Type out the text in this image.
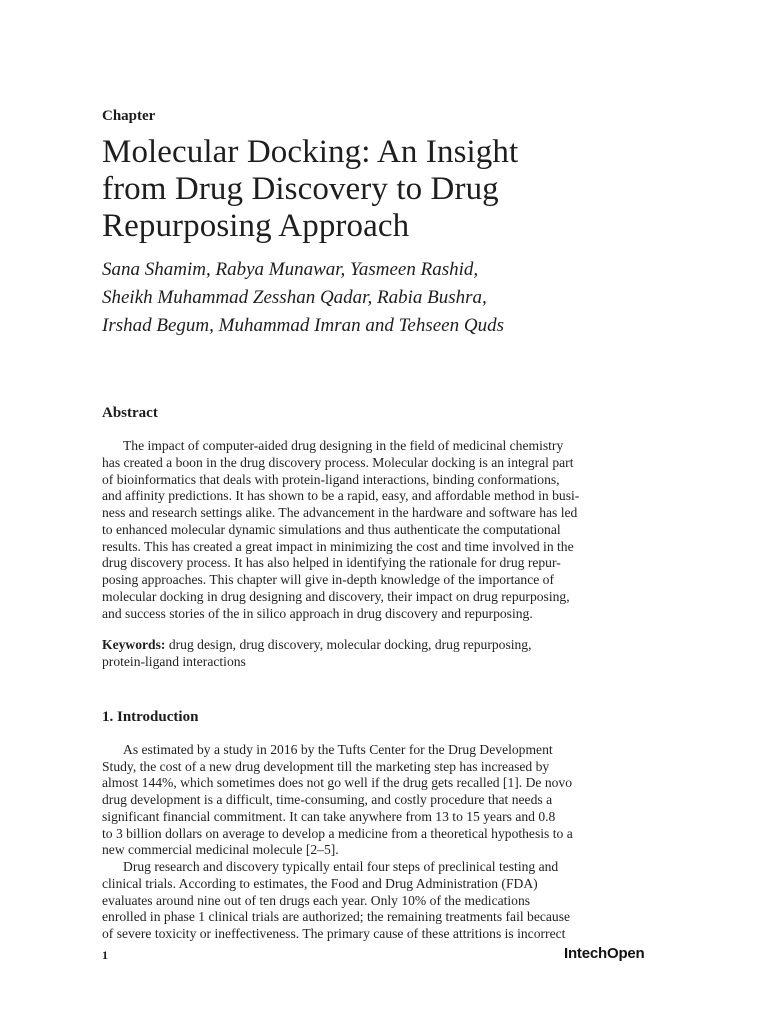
Chapter
Molecular Docking: An Insight
from Drug Discovery to Drug
Repurposing Approach
Sana Shamim, Rabya Munawar, Yasmeen Rashid,
Sheikh Muhammad Zesshan Qadar, Rabia Bushra,
Irshad Begum, Muhammad Imran and Tehseen Quds
Abstract
The impact of computer-aided drug designing in the field of medicinal chemistry
has created a boon in the drug discovery process. Molecular docking is an integral part
of bioinformatics that deals with protein-ligand interactions, binding conformations,
and affinity predictions. It has shown to be a rapid, easy, and affordable method in busi-
ness and research settings alike. The advancement in the hardware and software has led
to enhanced molecular dynamic simulations and thus authenticate the computational
results. This has created a great impact in minimizing the cost and time involved in the
drug discovery process. It has also helped in identifying the rationale for drug repur-
posing approaches. This chapter will give in-depth knowledge of the importance of
molecular docking in drug designing and discovery, their impact on drug repurposing,
and success stories of the in silico approach in drug discovery and repurposing.
Keywords: drug design, drug discovery, molecular docking, drug repurposing,
protein-ligand interactions
1. Introduction
As estimated by a study in 2016 by the Tufts Center for the Drug Development
Study, the cost of a new drug development till the marketing step has increased by
almost 144%, which sometimes does not go well if the drug gets recalled [1]. De novo
drug development is a difficult, time-consuming, and costly procedure that needs a
significant financial commitment. It can take anywhere from 13 to 15 years and 0.8
to 3 billion dollars on average to develop a medicine from a theoretical hypothesis to a
new commercial medicinal molecule [2–5].
Drug research and discovery typically entail four steps of preclinical testing and
clinical trials. According to estimates, the Food and Drug Administration (FDA)
evaluates around nine out of ten drugs each year. Only 10% of the medications
enrolled in phase 1 clinical trials are authorized; the remaining treatments fail because
of severe toxicity or ineffectiveness. The primary cause of these attritions is incorrect
1	IntechOpen
